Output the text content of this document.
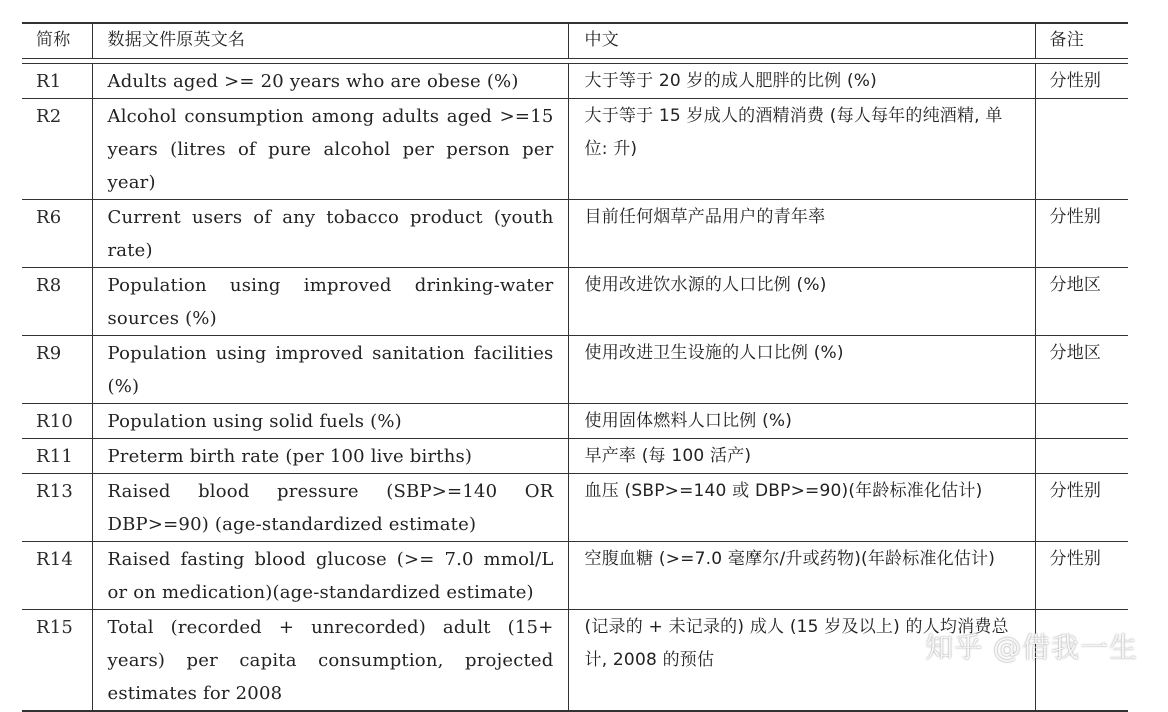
简称	数据文件原英文名	中文	备注

R1	Adults aged >= 20 years who are obese (%)	大于等于 20 岁的成人肥胖的比例 (%)	分性别
R2	Alcohol consumption among adults aged >=15 years (litres of pure alcohol per person per year)	大于等于 15 岁成人的酒精消费 (每人每年的纯酒精, 单位: 升)	
R6	Current users of any tobacco product (youth rate)	目前任何烟草产品用户的青年率	分性别
R8	Population using improved drinking-water sources (%)	使用改进饮水源的人口比例 (%)	分地区
R9	Population using improved sanitation facilities (%)	使用改进卫生设施的人口比例 (%)	分地区
R10	Population using solid fuels (%)	使用固体燃料人口比例 (%)	
R11	Preterm birth rate (per 100 live births)	早产率 (每 100 活产)	
R13	Raised blood pressure (SBP>=140 OR DBP>=90) (age-standardized estimate)	血压 (SBP>=140 或 DBP>=90)(年龄标准化估计)	分性别
R14	Raised fasting blood glucose (>= 7.0 mmol/L or on medication)(age-standardized estimate)	空腹血糖 (>=7.0 毫摩尔/升或药物)(年龄标准化估计)	分性别
R15	Total (recorded + unrecorded) adult (15+ years) per capita consumption, projected estimates for 2008	(记录的 + 未记录的) 成人 (15 岁及以上) 的人均消费总计, 2008 的预估		知乎 @借我一生
